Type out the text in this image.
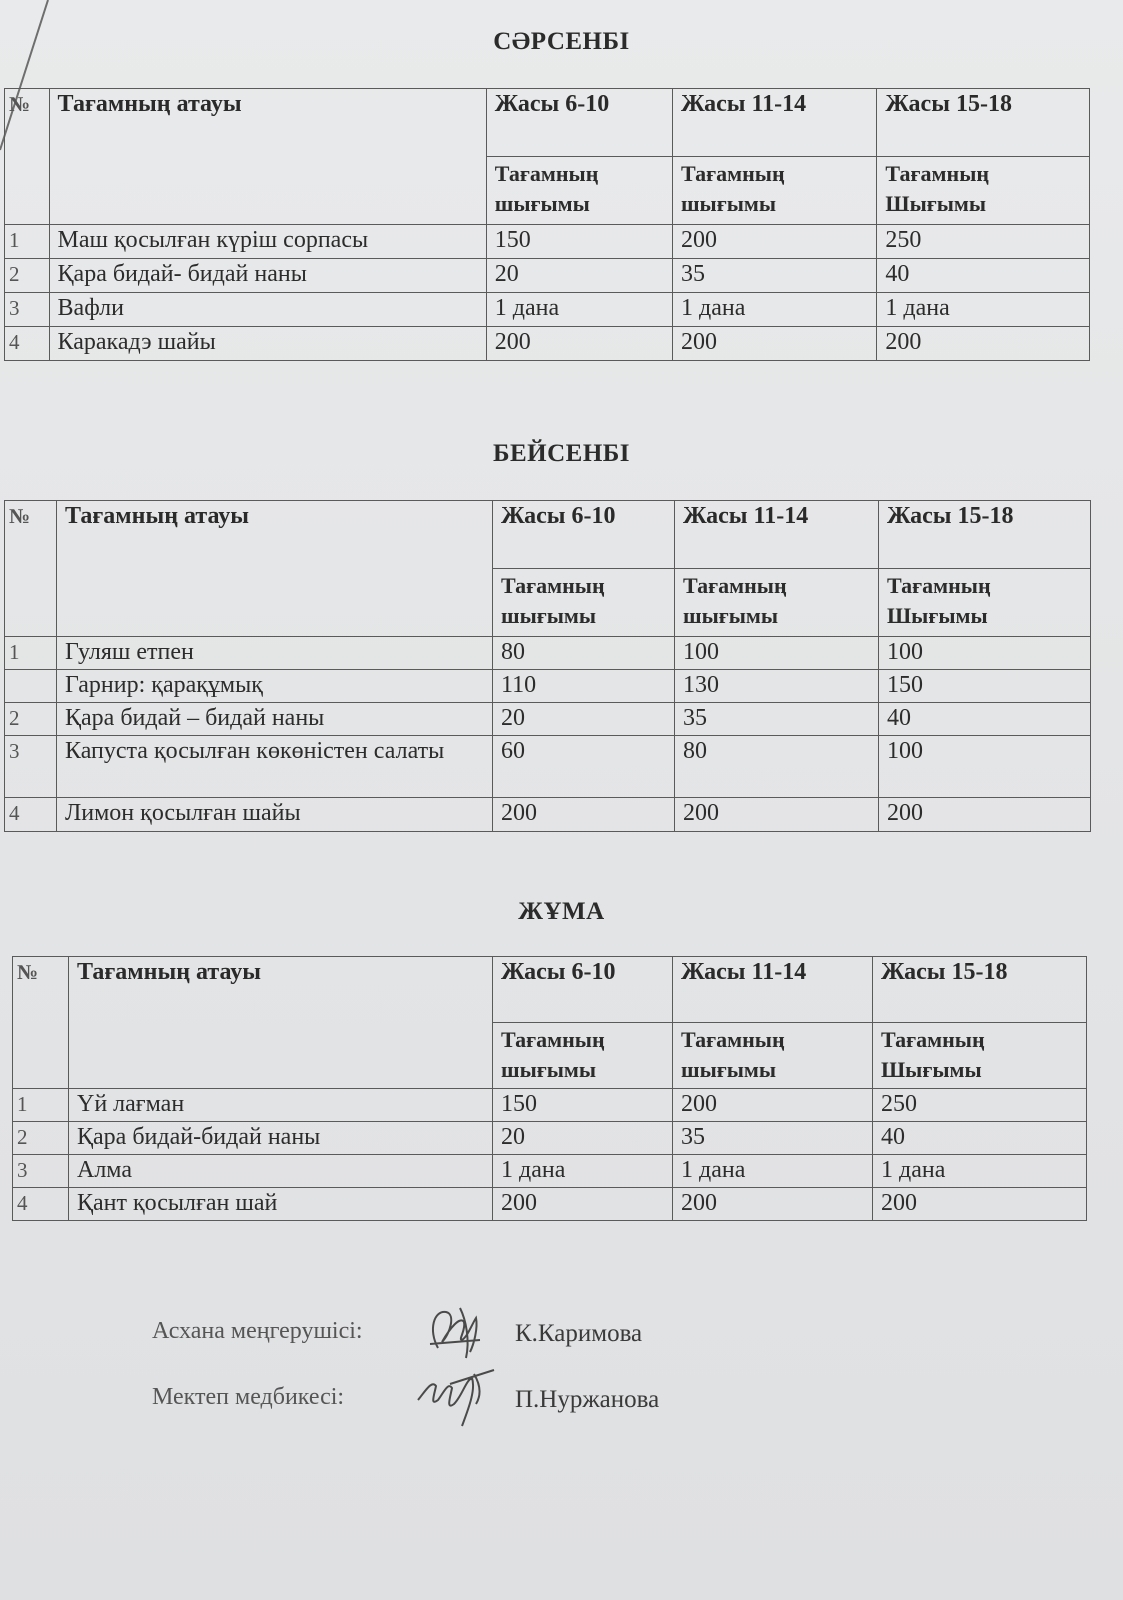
СӘРСЕНБІ
№	Тағамның атауы	Жасы 6-10	Жасы 11-14	Жасы 15-18
		Тағамның шығымы	Тағамның шығымы	Тағамның Шығымы
1	Маш қосылған күріш сорпасы	150	200	250
2	Қара бидай- бидай наны	20	35	40
3	Вафли	1 дана	1 дана	1 дана
4	Каракадэ шайы	200	200	200
БЕЙСЕНБІ
№	Тағамның атауы	Жасы 6-10	Жасы 11-14	Жасы 15-18
		Тағамның шығымы	Тағамның шығымы	Тағамның Шығымы
1	Гуляш етпен	80	100	100
	Гарнир: қарақұмық	110	130	150
2	Қара бидай – бидай наны	20	35	40
3	Капуста қосылған көкөністен салаты	60	80	100
4	Лимон қосылған шайы	200	200	200
ЖҰМА
№	Тағамның атауы	Жасы 6-10	Жасы 11-14	Жасы 15-18
		Тағамның шығымы	Тағамның шығымы	Тағамның Шығымы
1	Үй лағман	150	200	250
2	Қара бидай-бидай наны	20	35	40
3	Алма	1 дана	1 дана	1 дана
4	Қант қосылған шай	200	200	200
Асхана меңгерушісі:	К.Каримова
Мектеп медбикесі:	П.Нуржанова
